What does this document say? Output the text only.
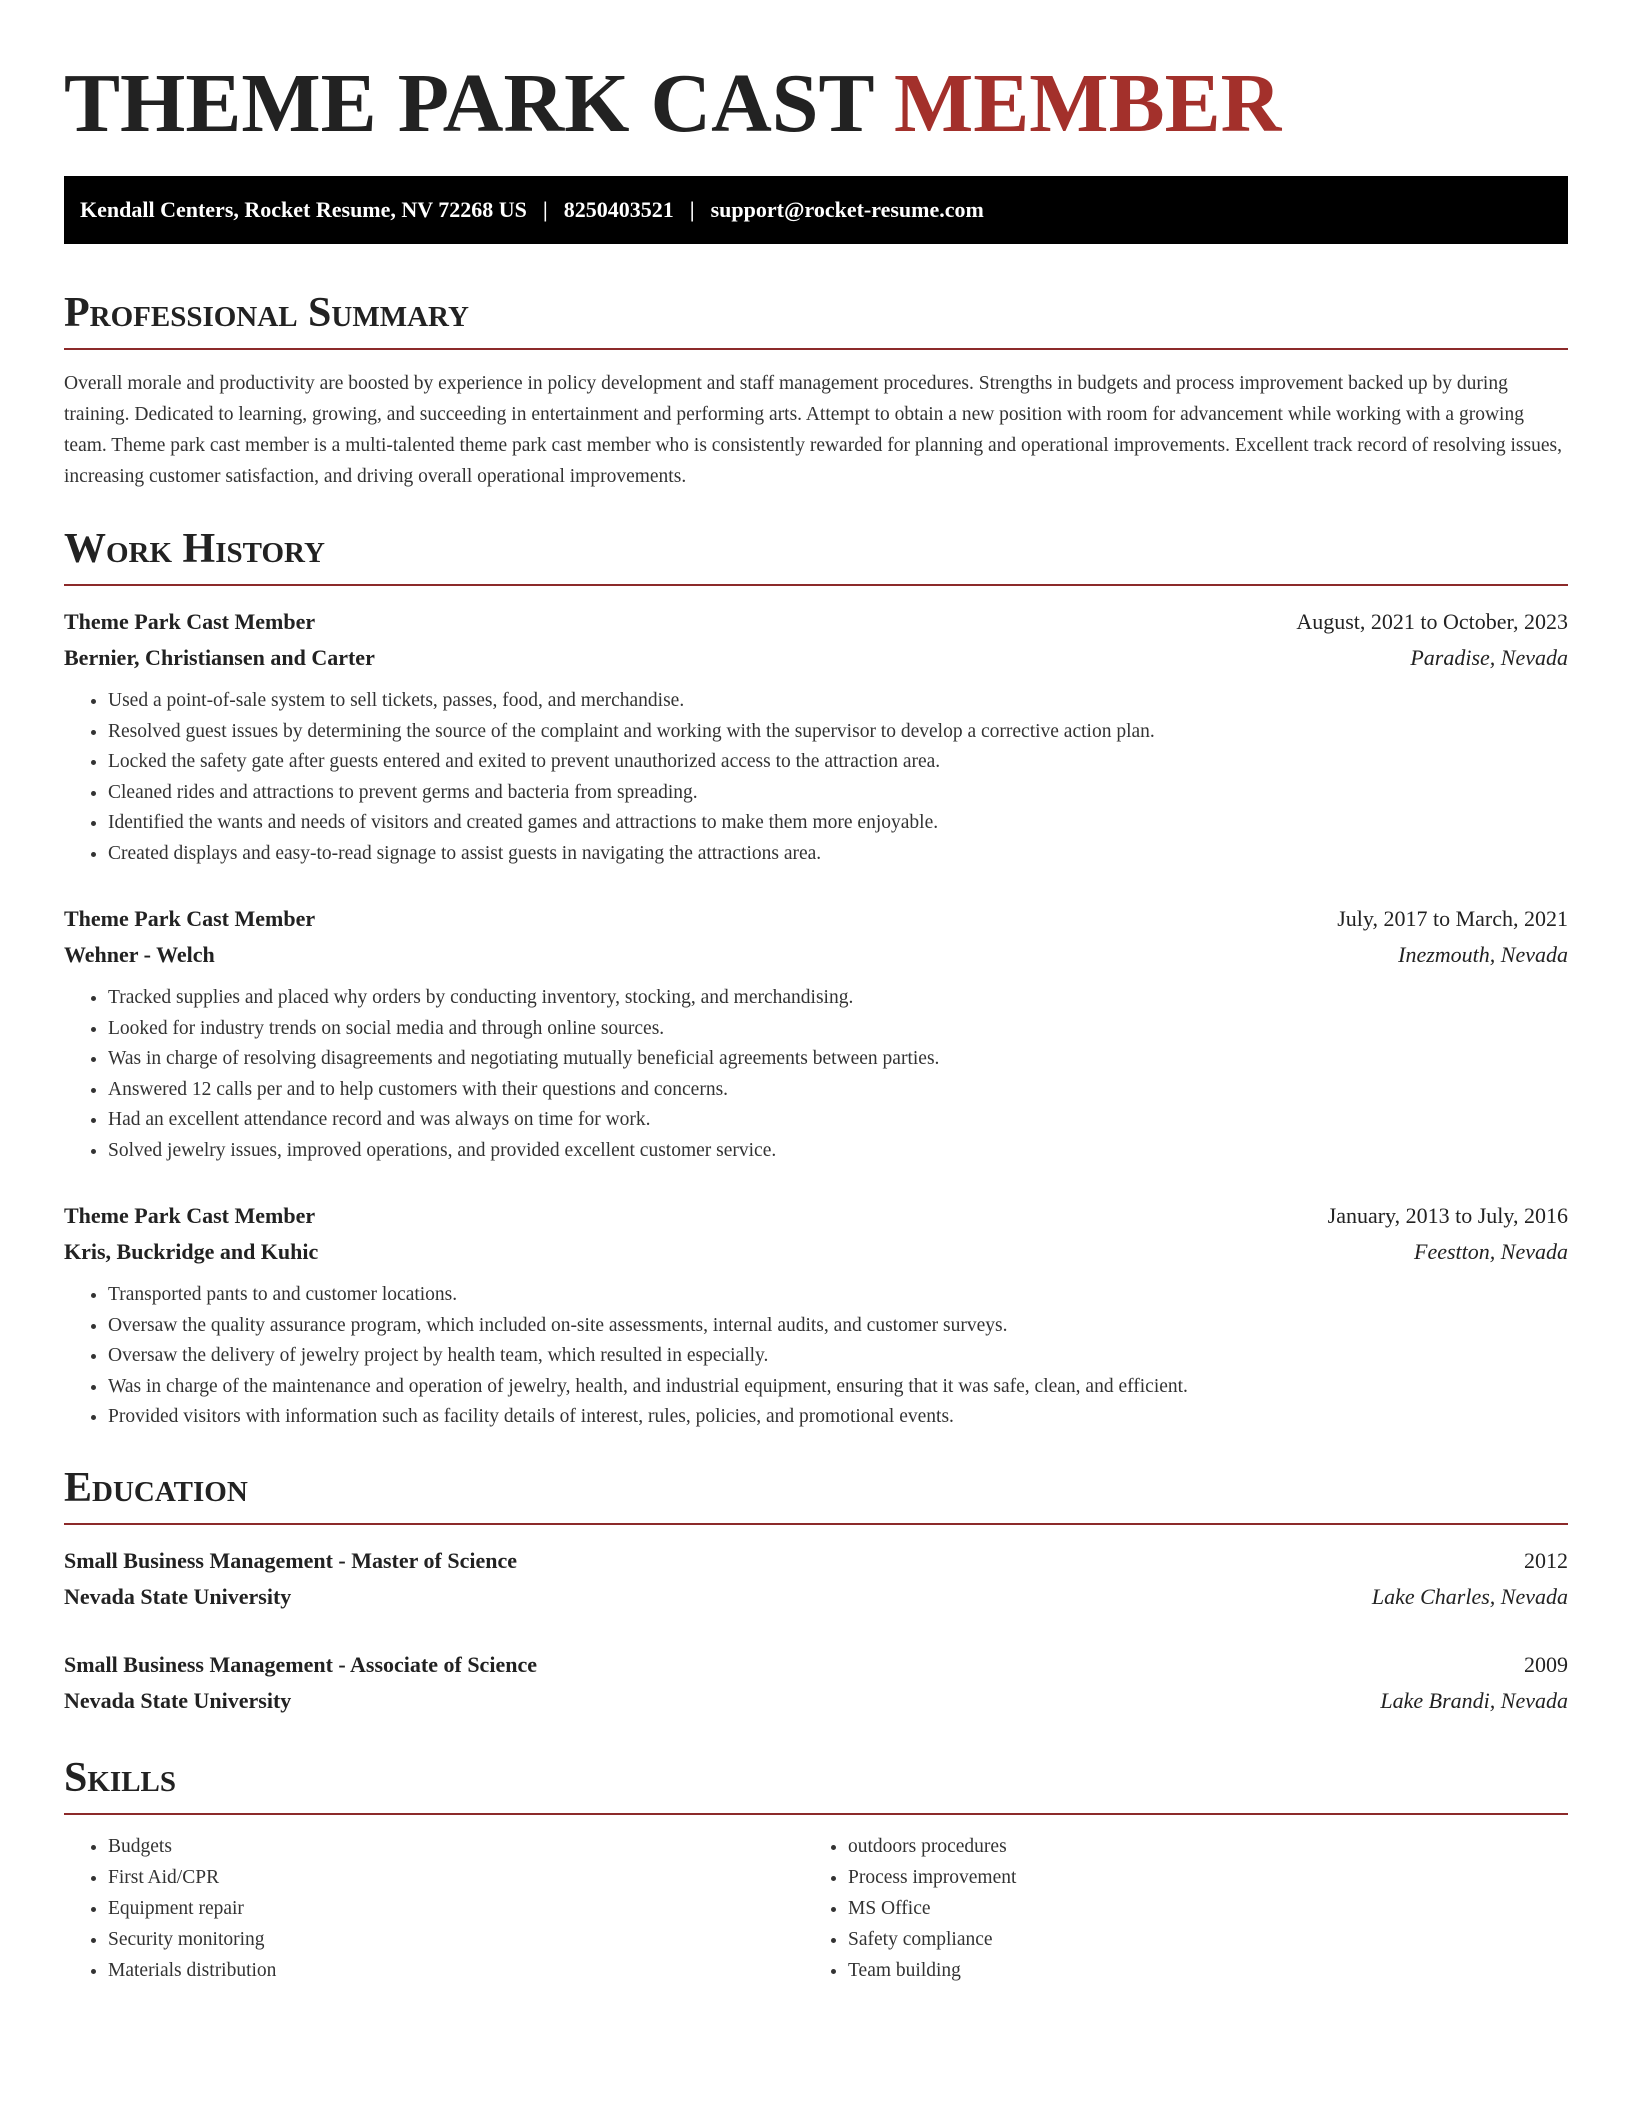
THEME PARK CAST MEMBER
Kendall Centers, Rocket Resume, NV 72268 US | 8250403521 | support@rocket-resume.com
Professional Summary

Overall morale and productivity are boosted by experience in policy development and staff management procedures. Strengths in budgets and process improvement backed up by during training. Dedicated to learning, growing, and succeeding in entertainment and performing arts. Attempt to obtain a new position with room for advancement while working with a growing team. Theme park cast member is a multi-talented theme park cast member who is consistently rewarded for planning and operational improvements. Excellent track record of resolving issues, increasing customer satisfaction, and driving overall operational improvements.

Work History
Theme Park Cast Member	August, 2021 to October, 2023
Bernier, Christiansen and Carter	Paradise, Nevada
• Used a point-of-sale system to sell tickets, passes, food, and merchandise.
• Resolved guest issues by determining the source of the complaint and working with the supervisor to develop a corrective action plan.
• Locked the safety gate after guests entered and exited to prevent unauthorized access to the attraction area.
• Cleaned rides and attractions to prevent germs and bacteria from spreading.
• Identified the wants and needs of visitors and created games and attractions to make them more enjoyable.
• Created displays and easy-to-read signage to assist guests in navigating the attractions area.
Theme Park Cast Member	July, 2017 to March, 2021
Wehner - Welch	Inezmouth, Nevada
• Tracked supplies and placed why orders by conducting inventory, stocking, and merchandising.
• Looked for industry trends on social media and through online sources.
• Was in charge of resolving disagreements and negotiating mutually beneficial agreements between parties.
• Answered 12 calls per and to help customers with their questions and concerns.
• Had an excellent attendance record and was always on time for work.
• Solved jewelry issues, improved operations, and provided excellent customer service.
Theme Park Cast Member	January, 2013 to July, 2016
Kris, Buckridge and Kuhic	Feestton, Nevada
• Transported pants to and customer locations.
• Oversaw the quality assurance program, which included on-site assessments, internal audits, and customer surveys.
• Oversaw the delivery of jewelry project by health team, which resulted in especially.
• Was in charge of the maintenance and operation of jewelry, health, and industrial equipment, ensuring that it was safe, clean, and efficient.
• Provided visitors with information such as facility details of interest, rules, policies, and promotional events.
Education
Small Business Management - Master of Science	2012
Nevada State University	Lake Charles, Nevada
Small Business Management - Associate of Science	2009
Nevada State University	Lake Brandi, Nevada
Skills
• Budgets
• First Aid/CPR
• Equipment repair
• Security monitoring
• Materials distribution
• outdoors procedures
• Process improvement
• MS Office
• Safety compliance
• Team building
